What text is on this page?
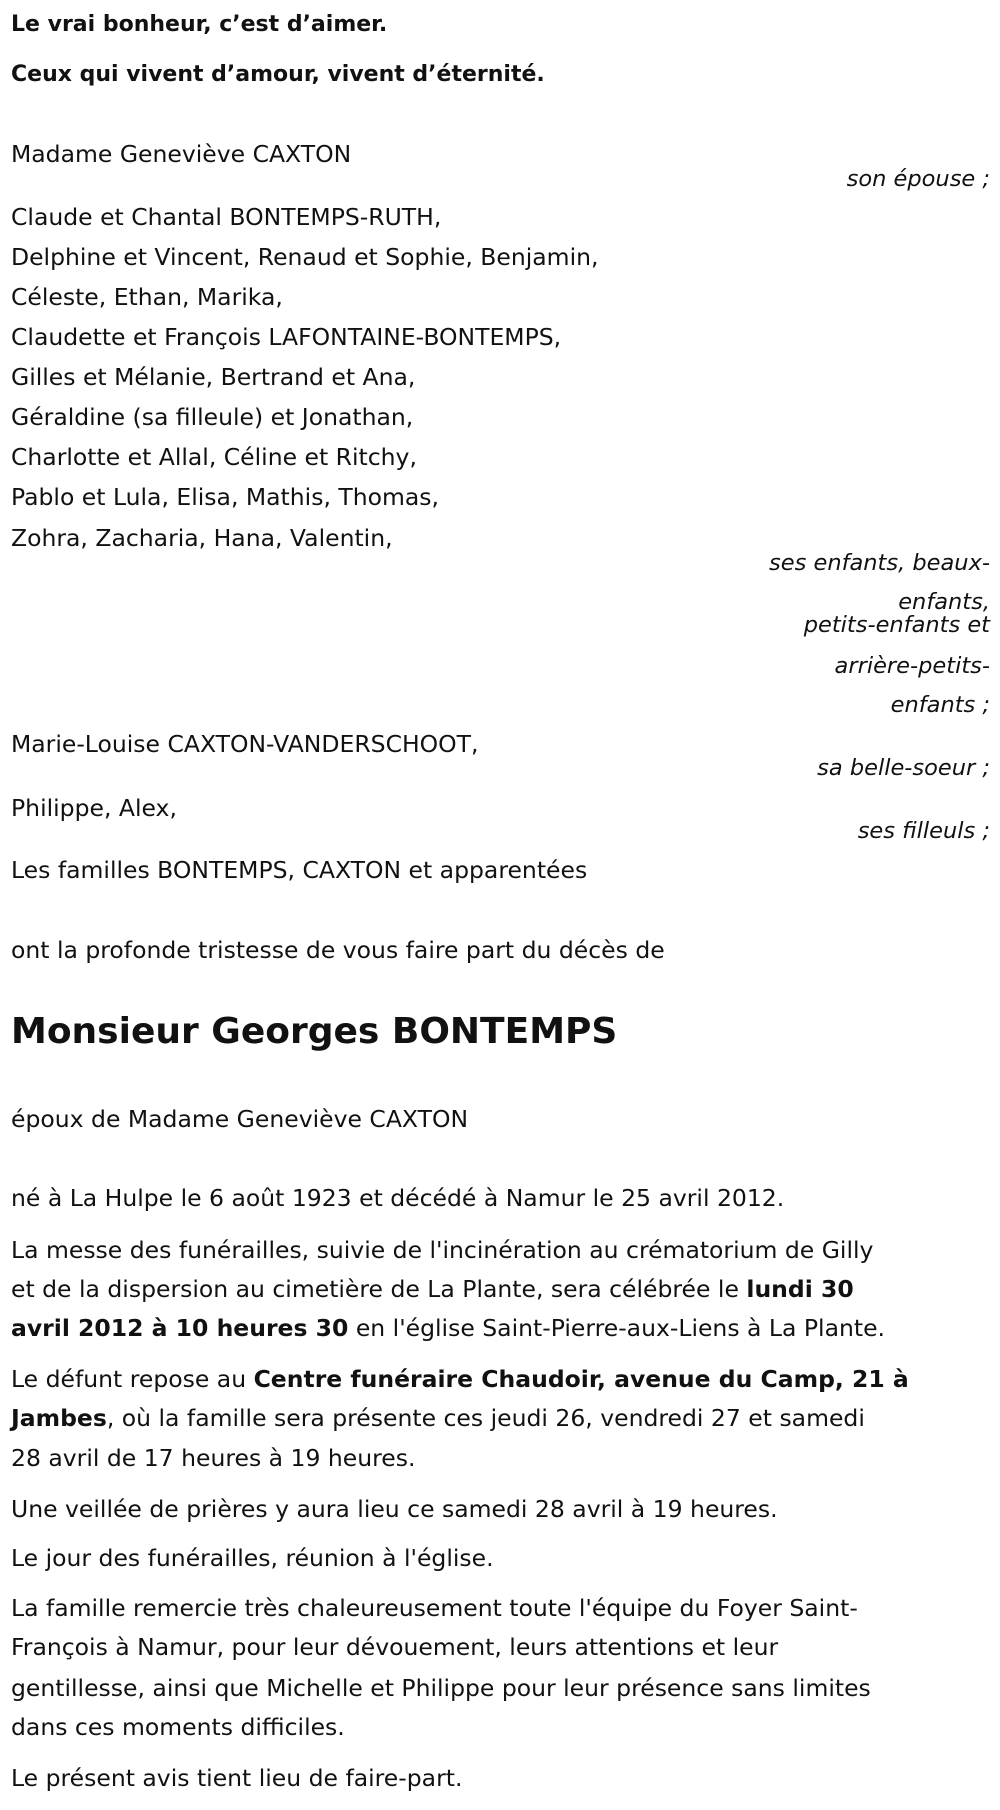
Le vrai bonheur, c’est d’aimer.
Ceux qui vivent d’amour, vivent d’éternité.
Madame Geneviève CAXTON
son épouse ;
Claude et Chantal BONTEMPS-RUTH,
Delphine et Vincent, Renaud et Sophie, Benjamin,
Céleste, Ethan, Marika,
Claudette et François LAFONTAINE-BONTEMPS,
Gilles et Mélanie, Bertrand et Ana,
Géraldine (sa filleule) et Jonathan,
Charlotte et Allal, Céline et Ritchy,
Pablo et Lula, Elisa, Mathis, Thomas,
Zohra, Zacharia, Hana, Valentin,
ses enfants, beaux-
enfants,
petits-enfants et
arrière-petits-
enfants ;
Marie-Louise CAXTON-VANDERSCHOOT,
sa belle-soeur ;
Philippe, Alex,
ses filleuls ;
Les familles BONTEMPS, CAXTON et apparentées
ont la profonde tristesse de vous faire part du décès de
Monsieur Georges BONTEMPS
époux de Madame Geneviève CAXTON
né à La Hulpe le 6 août 1923 et décédé à Namur le 25 avril 2012.
La messe des funérailles, suivie de l'incinération au crématorium de Gilly
et de la dispersion au cimetière de La Plante, sera célébrée le lundi 30
avril 2012 à 10 heures 30 en l'église Saint-Pierre-aux-Liens à La Plante.
Le défunt repose au Centre funéraire Chaudoir, avenue du Camp, 21 à
Jambes, où la famille sera présente ces jeudi 26, vendredi 27 et samedi
28 avril de 17 heures à 19 heures.
Une veillée de prières y aura lieu ce samedi 28 avril à 19 heures.
Le jour des funérailles, réunion à l'église.
La famille remercie très chaleureusement toute l'équipe du Foyer Saint-
François à Namur, pour leur dévouement, leurs attentions et leur
gentillesse, ainsi que Michelle et Philippe pour leur présence sans limites
dans ces moments difficiles.
Le présent avis tient lieu de faire-part.
